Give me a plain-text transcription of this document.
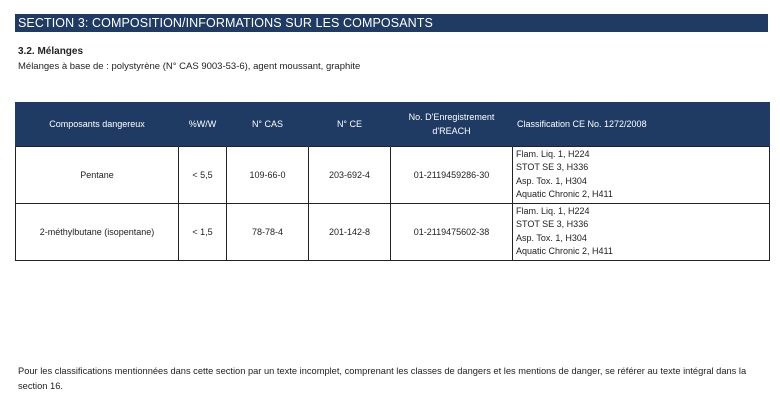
SECTION 3: COMPOSITION/INFORMATIONS SUR LES COMPOSANTS
3.2. Mélanges
Mélanges à base de : polystyrène (N° CAS 9003-53-6), agent moussant, graphite
Composants dangereux	%W/W	N° CAS	N° CE	No. D'Enregistrement d'REACH	Classification CE No. 1272/2008
Pentane	< 5,5	109-66-0	203-692-4	01-2119459286-30	Flam. Liq. 1, H224
STOT SE 3, H336
Asp. Tox. 1, H304
Aquatic Chronic 2, H411

2-méthylbutane (isopentane)	< 1,5	78-78-4	201-142-8	01-2119475602-38	Flam. Liq. 1, H224
STOT SE 3, H336
Asp. Tox. 1, H304
Aquatic Chronic 2, H411
Pour les classifications mentionnées dans cette section par un texte incomplet, comprenant les classes de dangers et les mentions de danger, se référer au texte intégral dans la section 16.
